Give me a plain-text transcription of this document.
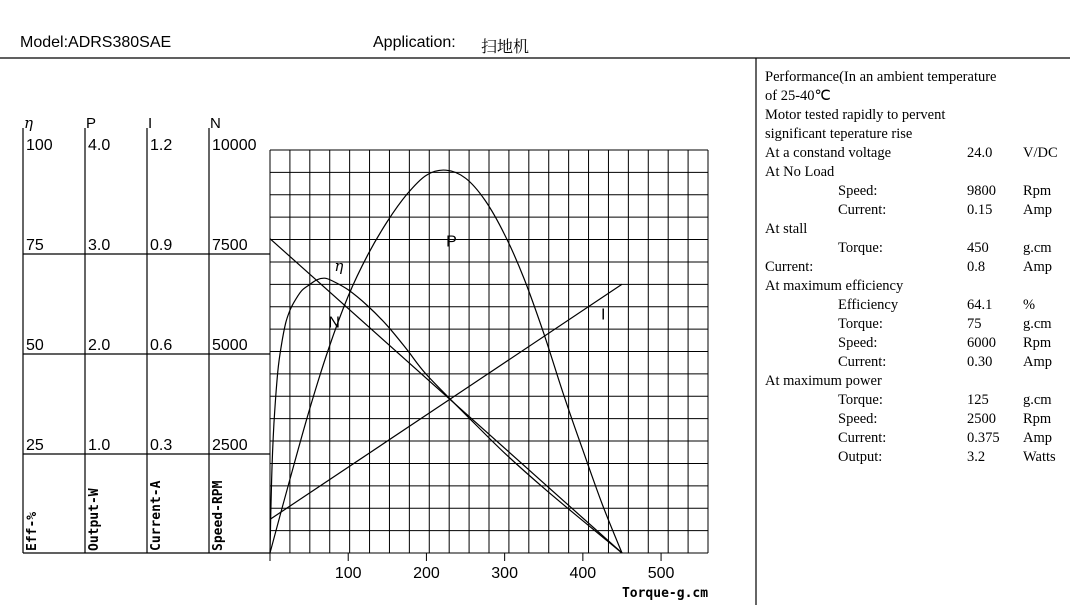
Model:ADRS380SAE	Application: 扫地机
η
100
75
50
25
Eff-%
P
4.0
3.0
2.0
1.0
Output-W
I
1.2
0.9
0.6
0.3
Current-A
N
10000
7500
5000
2500
Speed-RPM
100	200	300	400	500
Torque-g.cm
η
N
P
I
Performance(In an ambient temperature
of 25-40℃
Motor tested rapidly to pervent
significant teperature rise
At a constand voltage	24.0 V/DC
At No Load
Speed:	9800 Rpm
Current:	0.15 Amp
At stall
Torque:	450 g.cm
Current:	0.8	Amp
At maximum efficiency
Efficiency	64.1 %
Torque:	75	g.cm
Speed:	6000 Rpm
Current:	0.30 Amp
At maximum power
Torque:	125 g.cm
Speed:	2500 Rpm
Current:	0.375 Amp
Output:	3.2	Watts
